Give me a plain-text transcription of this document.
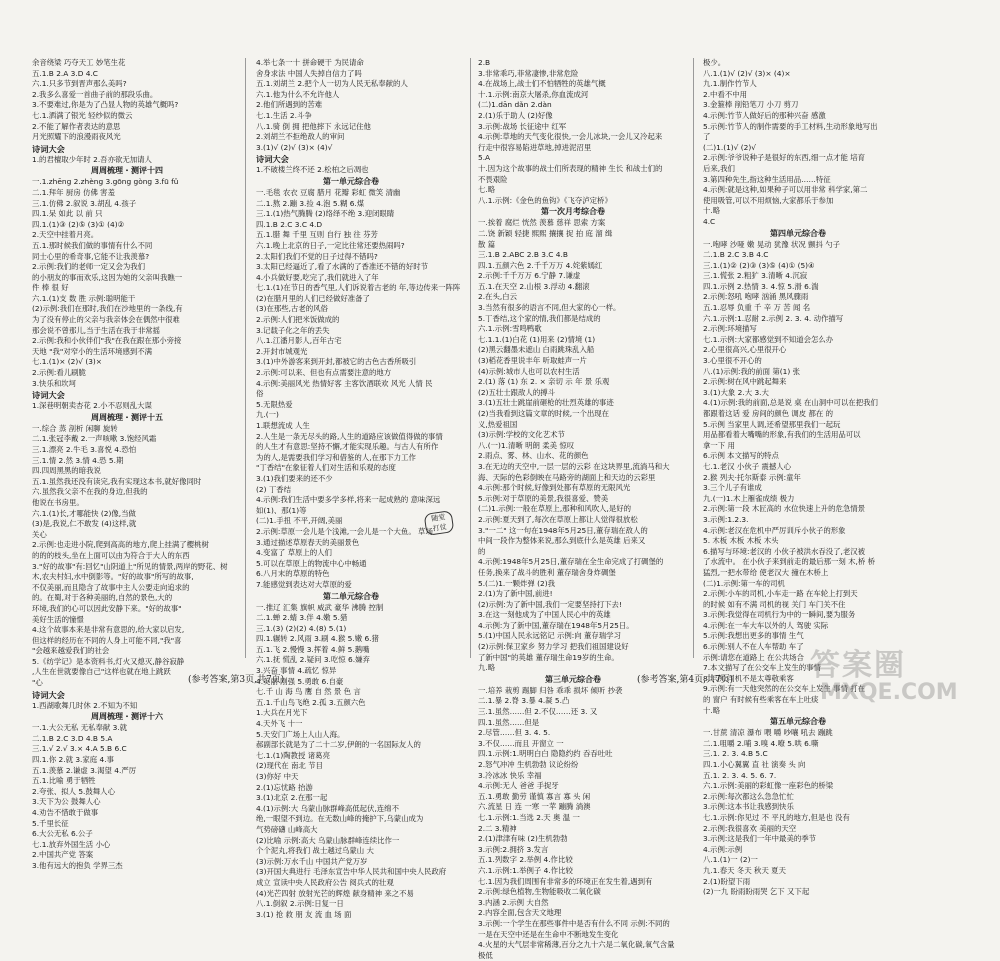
余音绕梁 巧夺天工 妙笔生花
五.1.B 2.A 3.D 4.C
六.1.只多节到晋声那么美吗?
2.我多么喜爱一首曲子前的那段乐曲。
3.不要难过,你是为了凸显人物的英雄气概吗?
七.1.洒满了银光 轻纱似的微云
2.不能了解作者表达的意思
月光照耀下的浪漫雨夜风光
诗词大会
1.的君檀取少年时 2.吾亦欲无加请人
周周梳理・测评十四
一.1.zhēng 2.zhèng 3.gōng gòng 3.fū fǔ
二.1.拜年 厨房 仿佛 害羞
三.1.仿佛 2.叙说 3.胡乱 4.孩子
四.1.呆 如此 以 前 只
四.1.(1)③ (2)⑤ (3)① (4)②
2.天空中挂着月亮。
五.1.那时候我们做的事情有什么不同
同士心里的希奇事,它能不让我羡慕?
2.示例:我们的老师一定又会为我们
的小朋友的事而欢乐,这因为她的父亲叫我瞧一
件 棒 很 好
六.1.(1)支 数 胜 示例:聪明能干
(2)示例:我们在那时,我们在沙地里的一条线,有
为了没有停止的父亲与我亲体会在偶然中很难
那会说不曾那儿,当于生活在我于非常摇
2.示例:我和小伙伴们"我"在我在跟在那小旁接
天地 "我"对窄小的生活环境感到不满
七.1.(1)× (2)√ (3)×
2.示例:看儿刷脆
3.快乐和坎坷
诗词大会
1.深巷明朝卖杏花 2.小不忍则乱大谋
周周梳理・测评十五
一.综合 蒸 剖析 闲聊 旋转
二.1.张冠李戴 2.一声咳嗽 3.饱经风霜
三.1.漂亮 2.牛毛 3.喜悦 4.恐怕
三.1.情 2.然 3.情 4.恐 5.期
四.四周黑黑的暗我说
五.1.虽然我还没有读完,我有实现这本书,就好像同时
六.虽然我父亲不在我的身边,但我的
他说在书房里。
六.1.(1)长,才哪能快 (2)像,当做
(3)是,我说,仁不敢发 (4)这样,就
关心
2.示例:也走进小院,爬到高高的地方,爬上挂满了樱桃树
的的的枝头,坐在上面可以由为符合于大人的东西
3."好的故事"有:回忆"山阴道上"所见的情景,两岸的野花、树
木,农夫村妇,水中倒影等。"好的故事"所写的故事,
不仅美丽,而且隐含了故事中主人公要走向追求的
的。在蜀,对于各种美丽的,自然的景色,大的
环境,我们的心可以因此安静下来。"好的故事"
美好生活的憧憬
4.这个故事本来是非常有意思的,给大家以启发,
但这样的经历在不同的人身上可能不同,"我"喜
"会越来越爱我们的社会
5.《纺学记》是本资料书,灯火又熄灭,静谷寂静
,人生在世就要像自己"这样也就在地上跳跃
"心
诗词大会
1.西湖歌舞几时休 2.不知为不知
周周梳理・测评十六
一.1.大公无私 无私奉献 3.就
二.1.B 2.C 3.D 4.B 5.A
三.1.√ 2.√ 3.× 4.A 5.B 6.C
四.1.你 2.就 3.家庭 4.事
五.1.羡慕 2.谦虚 3.渴望 4.严厉
五.1.比喻 勇于牺牲
2.夸张、拟人 5.鼓舞人心
3.天下为公 鼓舞人心
4.劝告不惜敢于做事
5.千里长征
6.大公无私 6.公子
七.1.放弃外国生活 小心
2.中国共产党 答案
3.他有远大的抱负 学界三杰
4.举七条一十 拼命硬干 为民请命
舍身求法 中国人失掉自信力了吗
五.1.刘胡兰 2.把个人一切为人民无私奉献的人
六.1.他为什么不允许他人
2.他们所遇到的苦难
七.1.生活 2.斗争
八.1.骑 倒 拥 把他摔下 永远记住他
2.刘胡兰不拒绝敌人的审问
3.(1)√ (2)√ (3)× (4)√
诗词大会
1.不破楼兰终不还 2.松柏之后凋也
第一单元综合卷
一.毛毯 农衣 豆腐 腊月 花瓣 彩虹 微笑 清幽
二.1.熬 2.蹦 3.捡 4.泡 5.糊 6.煤
三.1.(1)热气腾腾 (2)络绎不绝 3.迎闭眼睛
四.1.B 2.C 3.C 4.D
五.1.腊 舞 千里 互则 自行 独 往 芬芳
六.1.晚上北京的日子,一定比往常还要热闹吗?
2.太阳们我们不觉的日子过得不错吗?
3.太阳已经逼近了,看了水满的了香准还不错的好时节
4.小兵做好要,吃完了,我们就进入了年
七.1.(1)在节日的香气里,人们诉说着古老的 年,等边传来一阵阵
(2)在腊月里的人们已经做好准备了
(3)在那些,古老的风俗
2.示例:人们把米饭做成的
3.记载子化之年的丢失
八.1.江潘月影人,百年古宅
2.开封市城观光
3.(1)中外游客来到开封,都被它的古色古香所吸引
2.示例:可以来、但也有点需要注意的地方
4.示例:美丽风光 热情好客 主客饮酒联欢 风光 人情 民
俗
5.无限热爱
九.(一)
1.联想流成 人生
2.人生是一条无尽头的路,人生的道路应该做值得做的事情
的人生才有意思:坚持不懈,才能实现乐趣。与古人有所作
为的人,是需要我们学习和借鉴的人,在那下力工作
"丁香结"在象征着人们对生活和乐观的态度
3.(1)我们要来的还不少
(2) 丁香结
4.示例:我们生活中要多学多样,将来一起成熟的 意味深远
如(1)、那(1)等
(二)1.手扭 不平,开阔,美丽
2.示例:草原一会儿是个浅滩,一会儿是一个大鱼。 草场
3.通过描述草原春天的美丽景色
4.变富了 草原上的人们
5.可以在草原上的物流中心中畅通
6.八月末的草原的特色
7.能感觉到表达对大草原的爱
第二单元综合卷
一.推辽 汇集 旗帜 威武 豪华 沸腾 控制
二.1.蝉 2.蜻 3.伴 4.嫩 5.猎
三.1.(3) (2)(2) 4.(8) 5.(1)
四.1.辗转 2.风雨 3.刷 4.猴 5.嫩 6.猪
五.1.飞 2.慢慢 3.挥着 4.鲜 5.鹅嘴
六.1.抚 慌乱 2.疑问 3.吃惊 6.嫌弃
3.兴奋 事情 4.疏忆 惊异
4.美丽 刚强 5.勇敢 6.自豪
七.千 山 海 鸟 鹰 自 然 景 色 言
五.1.千山鸟飞绝 2.孤 3.五颜六色
1.大兵在月光下
4.天外飞 十一
5.天安门广场上人山人海。
郝副部长就是为了二十二岁,伊朗的一名国际友人的
七.1.(1)陶教授 诸葛亮
(2)现代在 南北 节目
(3)你好 中天
2.(1)忘忧路 抬游
3.(1)北京 2.在那一起
4.(1)示例:大 乌蒙山脉群峰高低起伏,连绵不
绝,一眼望不到边。在无数山峰的掩护下,乌蒙山成为
气势磅礴 山峰高大
(2)比喻 示例:高大 乌蒙山脉群峰连续比作一
个个泥丸,将我们 战士越过乌蒙山 大
(3)示例:万水千山 中国共产党万岁
(3)开国大典进行 毛泽东宣告中华人民共和国中央人民政府
成立 宣读中央人民政府公告 阅兵式的壮观
(4)光芒四射 放射光芒的辉煌 献身精神 来之不易
八.1.倒叙 2.示例:日复一日
3.(1) 抢 救 朋 友 流 血 场 面
2.B
3.非常乖巧,菲常凄惨,非常危险
4.在战场上,战士们不怕牺牲的英雄气概
十.1.示例:南京大屠杀,你血流成河
(二)1.dān dǎn 2.dàn
2.(1)乐于助人 (2)好像
3.示例:战场 长征途中 红军
4.示例:草地的天气变化很快,一会儿冰块,一会儿又冷起来
行走中很容易陷进草地,掉进泥沼里
5.A
十.因为这个故事的战士们所表现的精神 生长 和战士们的
不畏艰险
七.略
八.1.示例:《金色的鱼钩》《飞夺泸定桥》
第一次月考综合卷
一.挨着 腐烂 恍然 羡慕 慈祥 思索 方案
二.饶 新颖 轻捷 熙熙 攘攘 捉 拍 庭 溜 缉
散 篇
三.1.B 2.ABC 2.B 3.C 4.B
四.1.五颜六色 2.千千万万 4.姹紫嫣红
2.示例:千千万万 6.宁静 7.谦虚
五.1.在天空 2.山根 3.浮动 4.翻滚
2.在头,白云
3.当然有很多的语言不同,但大家的心一样。
5.丁香结,这个家的情,我们都是结成的
六.1.示例:雪鸣鸭歌
七.1.1.(1)白花 (1)用来 (2)情境 (1)
(2)黑云翻墨未遮山 白雨跳珠乱入船
(3)稻花香里说丰年 听取蛙声一片
(4)示例:城市人也可以农村生活
2.(1) 落 (1) 东 2. × 亲切 示 年 景 乐观
(2)五壮士跟敌人的搏斗
3.(1)五壮士跳崖前砸枪的壮烈英雄的事迹
(2)当我看到这篇文章的时候,一个出现在
义,热爱祖国
(3)示例:学校的文化艺术节
八.(一)1.清晰 明朗 柔美 惊叹
2.雨点、雾、林、山水、花的颜色
3.在无边的天空中,一层一层的云彩 在这块界里,流淌马和大
海、天际的色彩倒映在马路旁的湖面上和天边的云彩里
4.示例:那个时候,好像到处都有草原的无限风光
5.示例:对于草原的美景,我很喜爱、赞美
(二)1.示例:一般在草原上,那种和风吹人,是好的
2.示例:夏天到了,每次在草原上都让人觉得很放松
3."一二" 这一句在1948年5月25日,董存瑞在敌人的
中间一段作为整体来说,那么到底什么是英雄 后来又
的
4.示例:1948年5月25日,董存瑞在全生命完成了打碉堡的
任务,换来了战斗的胜利 董存瑞舍身炸碉堡
5.(二)1.一颗炸弹 (2)我
2.(1)为了新中国,前进!
(2)示例:为了新中国,我们一定要坚持打下去!
3.在这一刻他成为了中国人民心中的英雄
4.示例:为了新中国,董存瑞在1948年5月25日。
5.(1)中国人民永远铭记 示例:向 董存瑞学习
(2)示例:保卫家乡 努力学习 把我们祖国建设好
了新中国"的英雄 董存瑞生命19岁的生命。
九.略
第三单元综合卷
一.培养 栽剪 踢脚 归咎 乖乖 损坏 倾听 抄袭
二.1.暴 2.脊 3.暴 4.凝 5.凸
三.1.虽然……但 2.不仅……还 3. 又
四.1.虽然……但是
2.尽管……但 3. 4. 5.
3.不仅……而且 开窗立 一
四.1.示例:1.明明白白 隐隐约约 吞吞吐吐
2.怒气冲冲 生机勃勃 议论纷纷
3.冷冰冰 快乐 幸福
4.示例:无人 爸爸 手捉牙
五.1.勇敢 勤劳 谨慎 寡言 寡 头 闲
六.流星 日 连 一寒 一苹 蹦腾 淌澳
七.1.示例:1.当选 2.天 奥 温 一
2.二 3.精神
2.(1)津津有味 (2)生机勃勃
3.示例:2.拥挤 3.发言
五.1.列数字 2.举例 4.作比较
六.1.示例:1.举例子 4.作比较
七.1.因为我们周围有非常多的环境正在发生着,遇到有
2.示例:绿色植物,生物能吸收二氧化碳
3.内涵 2.示例 大自然
2.内容全面,包含天文地理
3.示例:一个学生在那些事件中是否有什么不同 示例:不同的
一是在天空中还是在生命中不断地发生变化
4.火星的大气层非常稀薄,百分之九十六是二氧化碳,氧气含量
极低
极少。
八.1.(1)√ (2)√ (3)× (4)×
九.1.制作竹节人
2.中看不中用
3.金箍棒 削铅笔刀 小刀 剪刀
4.示例:竹节人做好后的那种兴奋 感激
5.示例:竹节人的制作需要的手工材料,生动形象地写出
了
(二)1.(1)√ (2)√
2.示例:爷爷说种子是很好的东西,细一点才能 培育
后来,我们
3.第四种先生,指这种生活用品……特征
4.示例:就是这种,如果种子可以用非常 科学家,第二
使用吸管,可以不用烦恼,大家都乐于参加
十.略
4.C
第四单元综合卷
一.咆哮 沙哑 嫩 晃动 犹豫 状况 颤抖 勺子
二.1.B 2.C 3.B 4.C
三.1.(1)② (2)③ (3)⑤ (4)① (5)④
三.1.慌张 2.粗犷 3.清晰 4.沉寂
四.1.示例 2.热情 3. 4.惊 5.滑 6.湍
2.示例:怒吼 咆哮 汹涌 黑风骤雨
五.1.忍辱 负重 千 辛 万 苦 闻 名
六.1.示例:1.忍耐 2.示例 2. 3. 4. 动作描写
2.示例:环境描写
七.1.示例:大家都感觉到不知道会怎么办
2.心里很高兴,心里很开心
3.心里很不开心的
八.(1)示例:我的前面 第(1) 张
2.示例:树在风中跳起舞来
3.(1)大象 2.大 3.大
4.(1)示例:我的前面,总是说 桌 在山洞中可以在把我们
都跟着这话 爱 房间的颜色 调皮 都在 的
5.示例 当家里人调,还希望那里我们一起玩
用品都看着大嘴嘴的形象,有我们的生活用品可以
拿一下 用
6.示例 本文描写的特点
七.1.老汉 小伙子 震撼人心
2.猴 列夫·托尔斯泰 示例:童年
3.三个儿子有谁成
九.(一)1.木上雁雀成绩 极力
2.示例:第一段 木匠高的 水位快速上升的危急情景
3.示例:1.2.3.
4.示例:老汉在危机中严厉训斥小伙子的形象
5. 木板 木板 木板 木头
6.描写与环境:老汉的 小伙子被洪水吞没了,老汉被
了水流中。 在小伙子来到前走的最后那一刻 木,桥 桥
猛烈,一把水带给 使老汉大 撞在木桥上
(二)1.示例:第一车的司机
2.示例:小车的司机,小车走一路 在车轮上打到天
的时候 如有不满 司机的视 关门 车门关不住
3.示例:我觉得在司机行为中的一瞬间,要为服务
4.示例:在一车大车以外的人 驾驶 实际
5.示例:我想出更多的事情 生气
6.示例:别人不在人车帮助 车了
示例:请您在道路上 在公共场合
7.本文描写了在公交车上发生的事情
8.示例:司机不是太尊敬乘客
9.示例:有一天他突然的在公交车上发生 事情 打在
的 窗户 有时候有些乘客在车上吐痰
十.略
第五单元综合卷
一.甘蔗 清凉 瀑布 喂 嚼 吵嚷 吼去 蹦跳
二.1.咀嚼 2.哺 3.嗅 4.嘹 5.哄 6.嘶
三.1. 2. 3. 4.B 5.C
四.1.小心翼翼 直 社 演奏 头 向
五.1. 2. 3. 4. 5. 6. 7.
六.1.示例:美丽的彩虹像一座彩色的桥梁
2.示例:每次都这么急急忙忙
3.示例:这本书让我感到快乐
七.1.示例:你见过 不 平凡的地方,但是也 没有
2.示例:我很喜欢 美丽的天空
3.示例:这是我们一年中最美的季节
4.示例:示例
八.1.(1)一 (2)一
九.1.春天 冬天 秋天 夏天
2.(1)盼望下雨
(2)一九 盼雨盼雨哭 乞下 又下起
随堂
打仗
(参考答案,第3页,共7页)	(参考答案,第4页,共7页)	答案圈
MXQE.COM
